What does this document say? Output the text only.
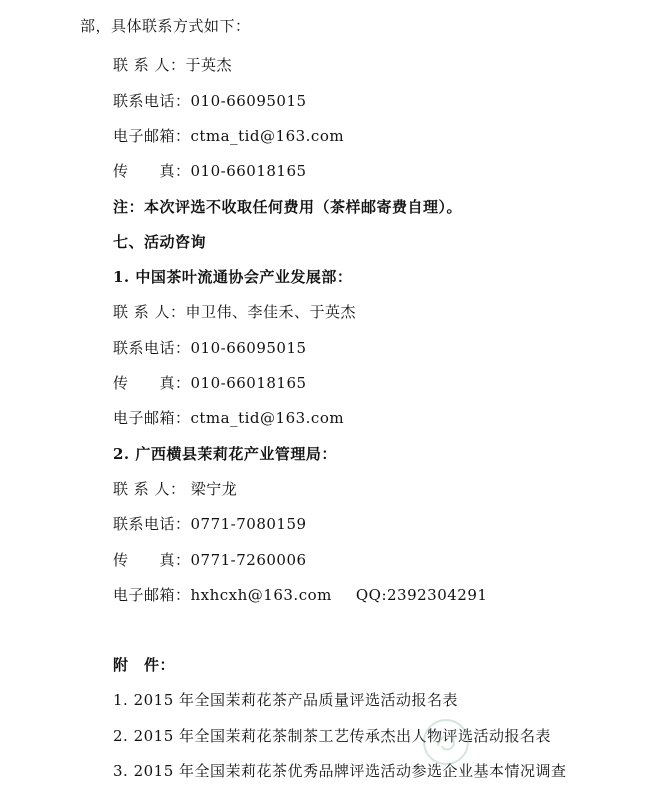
部，具体联系方式如下：
联 系 人：于英杰
联系电话：010-66095015
电子邮箱：ctma_tid@163.com
传　　真：010-66018165
注：本次评选不收取任何费用（茶样邮寄费自理）。
七、活动咨询
1. 中国茶叶流通协会产业发展部：
联 系 人：申卫伟、李佳禾、于英杰
联系电话：010-66095015
传　　真：010-66018165
电子邮箱：ctma_tid@163.com
2. 广西横县茉莉花产业管理局：
联 系 人： 梁宁龙
联系电话：0771-7080159
传　　真：0771-7260006
电子邮箱：hxhcxh@163.com QQ:2392304291
附　件：
1. 2015 年全国茉莉花茶产品质量评选活动报名表
2. 2015 年全国茉莉花茶制茶工艺传承杰出人物评选活动报名表
3. 2015 年全国茉莉花茶优秀品牌评选活动参选企业基本情况调查
